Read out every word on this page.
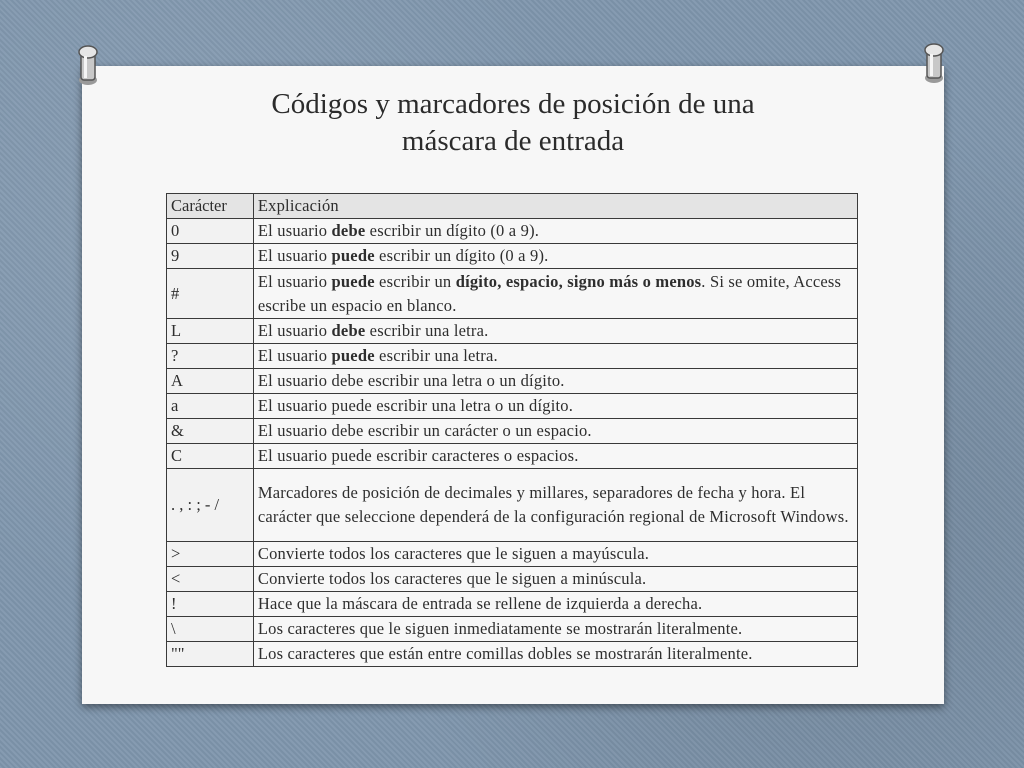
Códigos y marcadores de posición de una
máscara de entrada
Carácter	Explicación
0	El usuario debe escribir un dígito (0 a 9).
9	El usuario puede escribir un dígito (0 a 9).
#	El usuario puede escribir un dígito, espacio, signo más o menos. Si se omite, Access escribe un espacio en blanco.
L	El usuario debe escribir una letra.
?	El usuario puede escribir una letra.
A	El usuario debe escribir una letra o un dígito.
a	El usuario puede escribir una letra o un dígito.
&	El usuario debe escribir un carácter o un espacio.
C	El usuario puede escribir caracteres o espacios.
. , : ; - /	Marcadores de posición de decimales y millares, separadores de fecha y hora. El carácter que seleccione dependerá de la configuración regional de Microsoft Windows.
>	Convierte todos los caracteres que le siguen a mayúscula.
<	Convierte todos los caracteres que le siguen a minúscula.
!	Hace que la máscara de entrada se rellene de izquierda a derecha.
\	Los caracteres que le siguen inmediatamente se mostrarán literalmente.
""	Los caracteres que están entre comillas dobles se mostrarán literalmente.
